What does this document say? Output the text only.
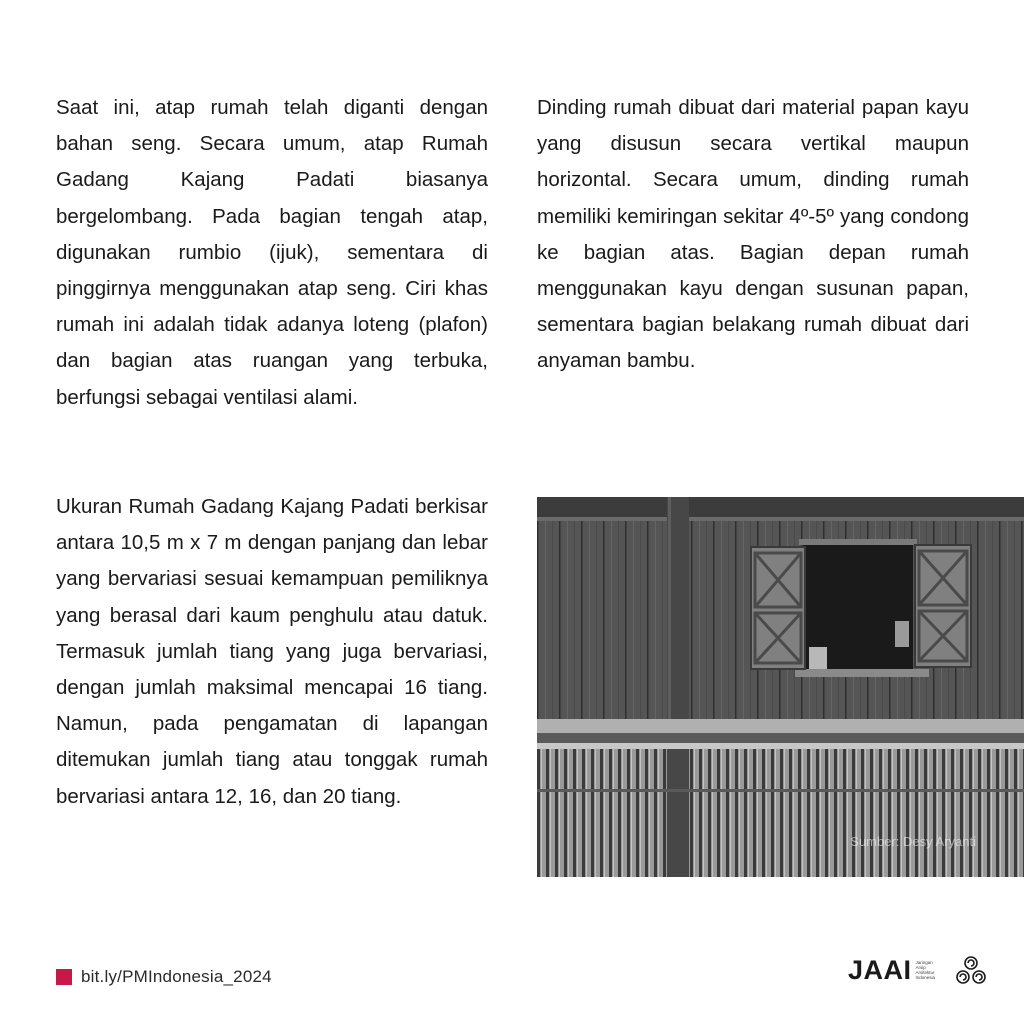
Saat ini, atap rumah telah diganti dengan bahan seng. Secara umum, atap Rumah Gadang Kajang Padati biasanya bergelombang. Pada bagian tengah atap, digunakan rumbio (ijuk), sementara di pinggirnya menggunakan atap seng. Ciri khas rumah ini adalah tidak adanya loteng (plafon) dan bagian atas ruangan yang terbuka, berfungsi sebagai ventilasi alami.

Dinding rumah dibuat dari material papan kayu yang disusun secara vertikal maupun horizontal. Secara umum, dinding rumah memiliki kemiringan sekitar 4º-5º yang condong ke bagian atas. Bagian depan rumah menggunakan kayu dengan susunan papan, sementara bagian belakang rumah dibuat dari anyaman bambu.

Ukuran Rumah Gadang Kajang Padati berkisar antara 10,5 m x 7 m dengan panjang dan lebar yang bervariasi sesuai kemampuan pemiliknya yang berasal dari kaum penghulu atau datuk. Termasuk jumlah tiang yang juga bervariasi, dengan jumlah maksimal mencapai 16 tiang. Namun, pada pengamatan di lapangan ditemukan jumlah tiang atau tonggak rumah bervariasi antara 12, 16, dan 20 tiang.

Sumber: Desy Aryanti
bit.ly/PMIndonesia_2024	JAAI Jaringan
Arsip
Arsitektur
Indonesia
